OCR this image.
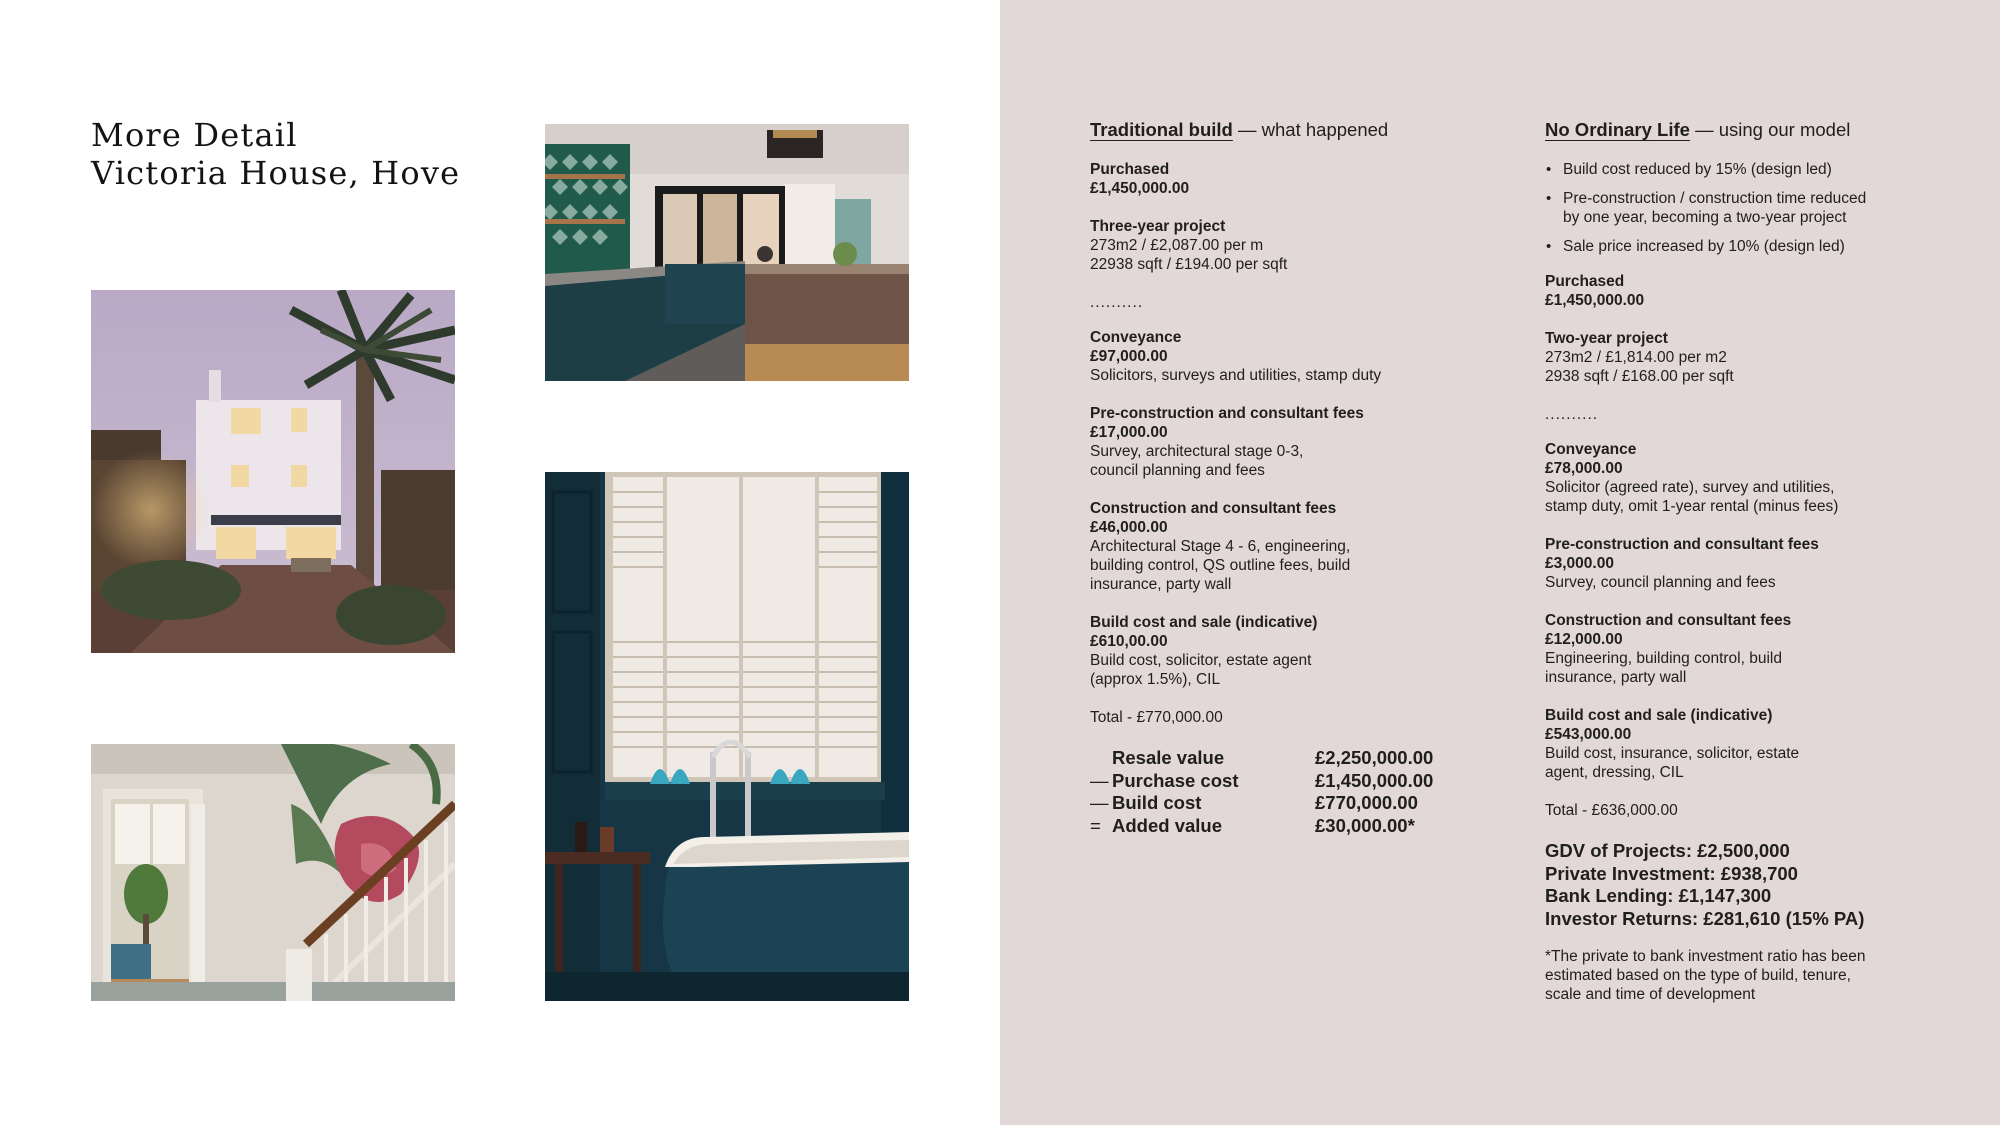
More Detail
Victoria House, Hove
Traditional build — what happened
Purchased
£1,450,000.00
Three-year project
273m2 / £2,087.00 per m
22938 sqft / £194.00 per sqft
..........
Conveyance
£97,000.00
Solicitors, surveys and utilities, stamp duty
Pre-construction and consultant fees
£17,000.00
Survey, architectural stage 0-3,
council planning and fees
Construction and consultant fees
£46,000.00
Architectural Stage 4 - 6, engineering,
building control, QS outline fees, build
insurance, party wall
Build cost and sale (indicative)
£610,00.00
Build cost, solicitor, estate agent
(approx 1.5%), CIL
Total - £770,000.00
Resale value	£2,250,000.00
— Purchase cost	£1,450,000.00
— Build cost	£770,000.00
= Added value	£30,000.00*
No Ordinary Life — using our model
• Build cost reduced by 15% (design led)
• Pre-construction / construction time reduced
by one year, becoming a two-year project
• Sale price increased by 10% (design led)
Purchased
£1,450,000.00
Two-year project
273m2 / £1,814.00 per m2
2938 sqft / £168.00 per sqft
..........
Conveyance
£78,000.00
Solicitor (agreed rate), survey and utilities,
stamp duty, omit 1-year rental (minus fees)
Pre-construction and consultant fees
£3,000.00
Survey, council planning and fees
Construction and consultant fees
£12,000.00
Engineering, building control, build
insurance, party wall
Build cost and sale (indicative)
£543,000.00
Build cost, insurance, solicitor, estate
agent, dressing, CIL
Total - £636,000.00
GDV of Projects: £2,500,000
Private Investment: £938,700
Bank Lending: £1,147,300
Investor Returns: £281,610 (15% PA)
*The private to bank investment ratio has been
estimated based on the type of build, tenure,
scale and time of development
